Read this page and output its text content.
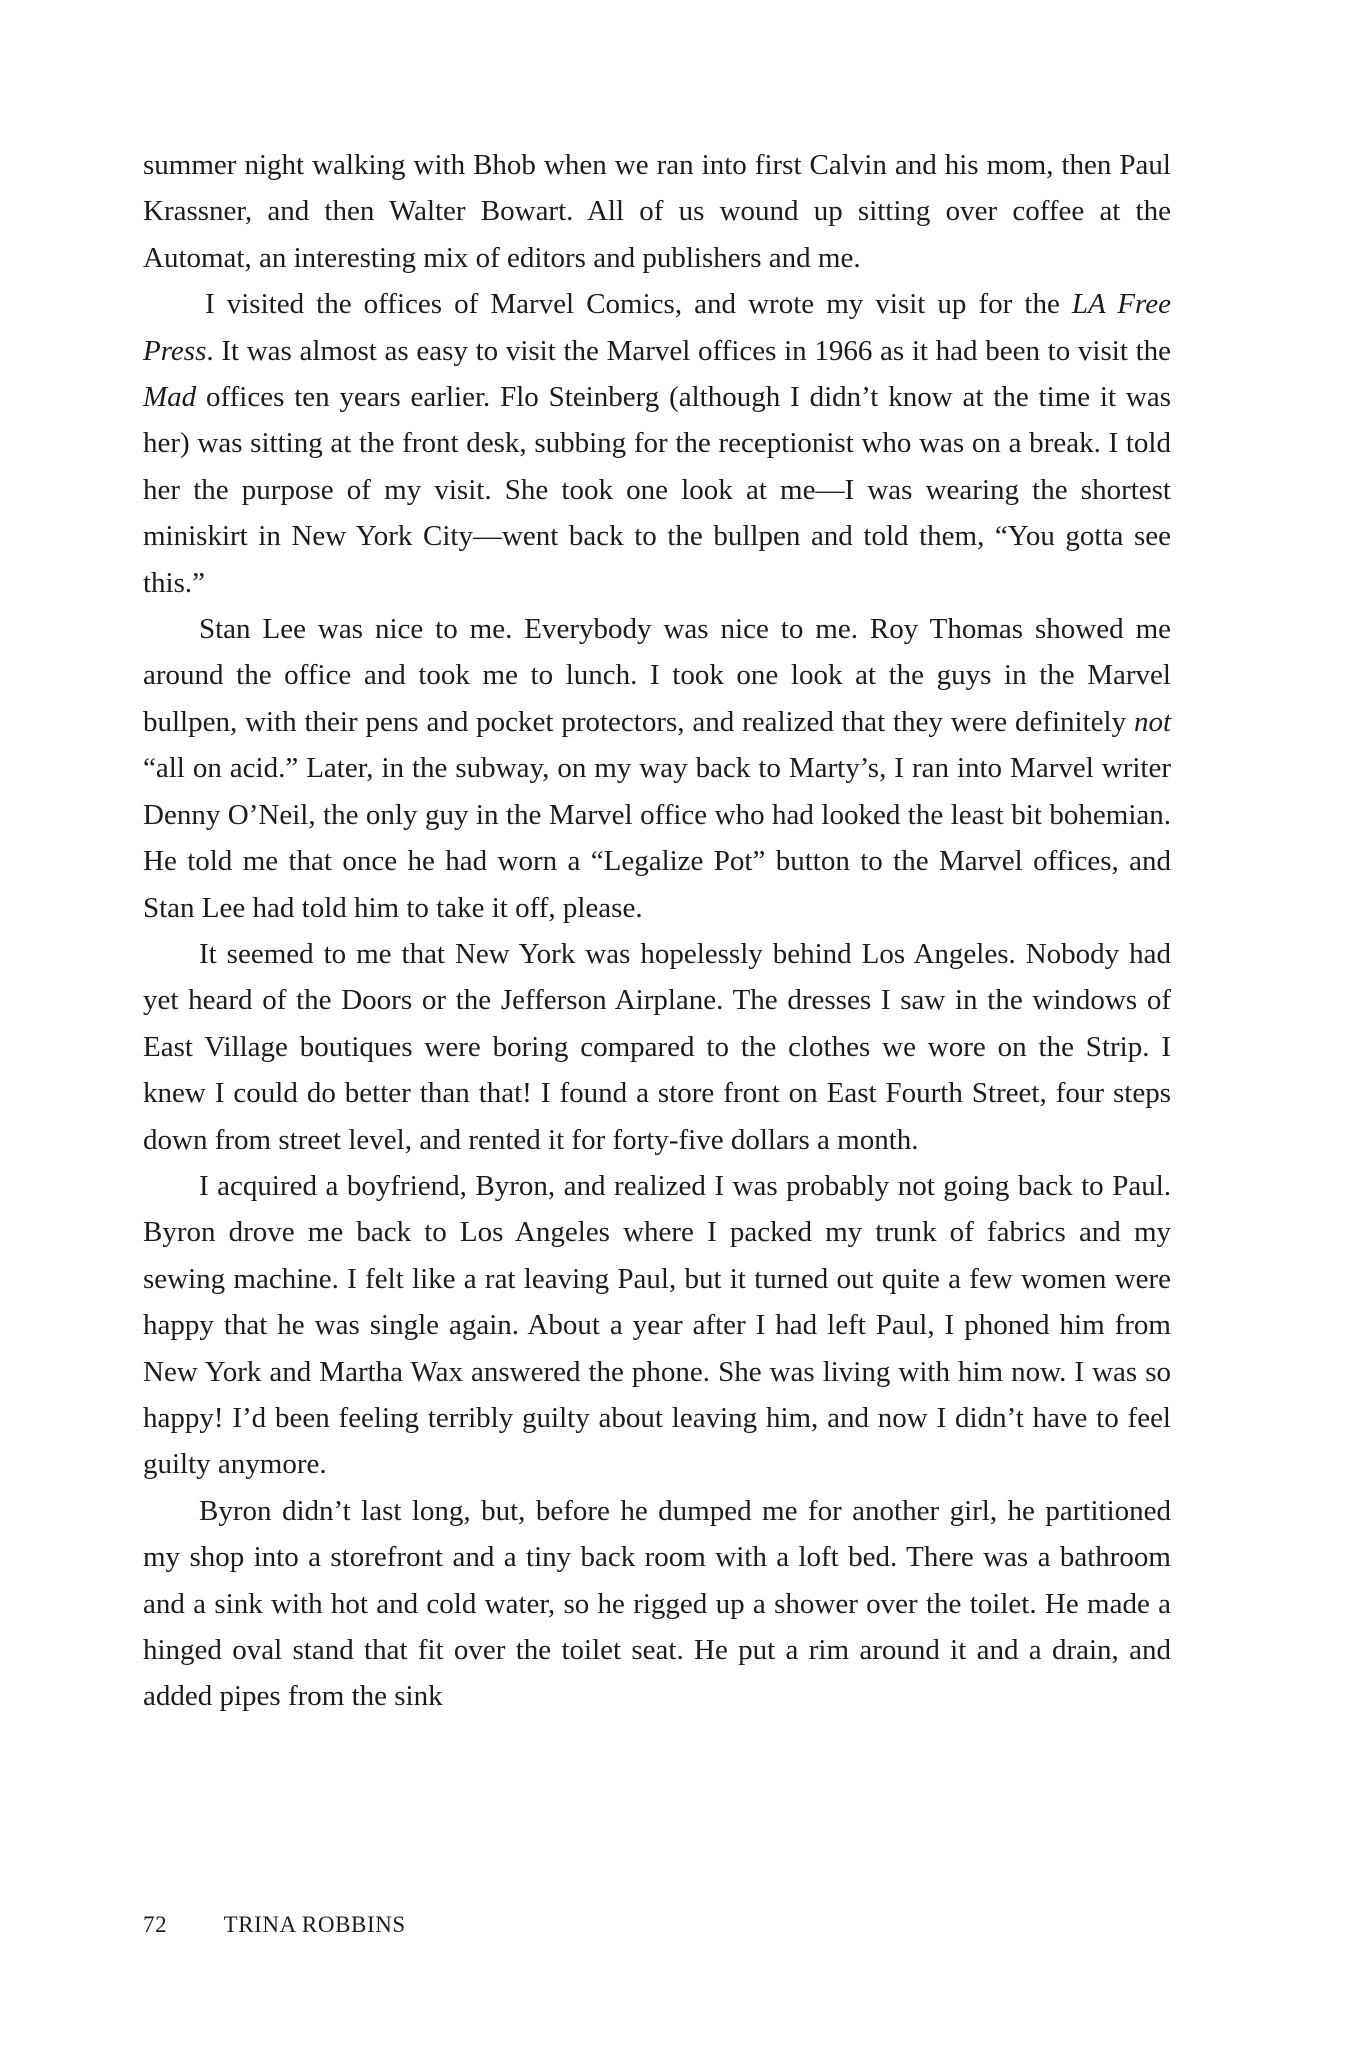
summer night walking with Bhob when we ran into first Calvin and his mom, then Paul Krassner, and then Walter Bowart. All of us wound up sitting over coffee at the Automat, an interesting mix of editors and publishers and me.

I visited the offices of Marvel Comics, and wrote my visit up for the LA Free Press. It was almost as easy to visit the Marvel offices in 1966 as it had been to visit the Mad offices ten years earlier. Flo Steinberg (although I didn’t know at the time it was her) was sitting at the front desk, subbing for the receptionist who was on a break. I told her the purpose of my visit. She took one look at me—I was wearing the shortest miniskirt in New York City—went back to the bullpen and told them, “You gotta see this.”

Stan Lee was nice to me. Everybody was nice to me. Roy Thomas showed me around the office and took me to lunch. I took one look at the guys in the Marvel bullpen, with their pens and pocket protectors, and realized that they were definitely not “all on acid.” Later, in the subway, on my way back to Marty’s, I ran into Marvel writer Denny O’Neil, the only guy in the Marvel office who had looked the least bit bohemian. He told me that once he had worn a “Legalize Pot” button to the Marvel offices, and Stan Lee had told him to take it off, please.

It seemed to me that New York was hopelessly behind Los Angeles. Nobody had yet heard of the Doors or the Jefferson Airplane. The dresses I saw in the windows of East Village boutiques were boring compared to the clothes we wore on the Strip. I knew I could do better than that! I found a store front on East Fourth Street, four steps down from street level, and rented it for forty-five dollars a month.

I acquired a boyfriend, Byron, and realized I was probably not going back to Paul. Byron drove me back to Los Angeles where I packed my trunk of fabrics and my sewing machine. I felt like a rat leaving Paul, but it turned out quite a few women were happy that he was single again. About a year after I had left Paul, I phoned him from New York and Martha Wax answered the phone. She was living with him now. I was so happy! I’d been feeling terribly guilty about leaving him, and now I didn’t have to feel guilty anymore.

Byron didn’t last long, but, before he dumped me for another girl, he partitioned my shop into a storefront and a tiny back room with a loft bed. There was a bathroom and a sink with hot and cold water, so he rigged up a shower over the toilet. He made a hinged oval stand that fit over the toilet seat. He put a rim around it and a drain, and added pipes from the sink

72 TRINA ROBBINS
